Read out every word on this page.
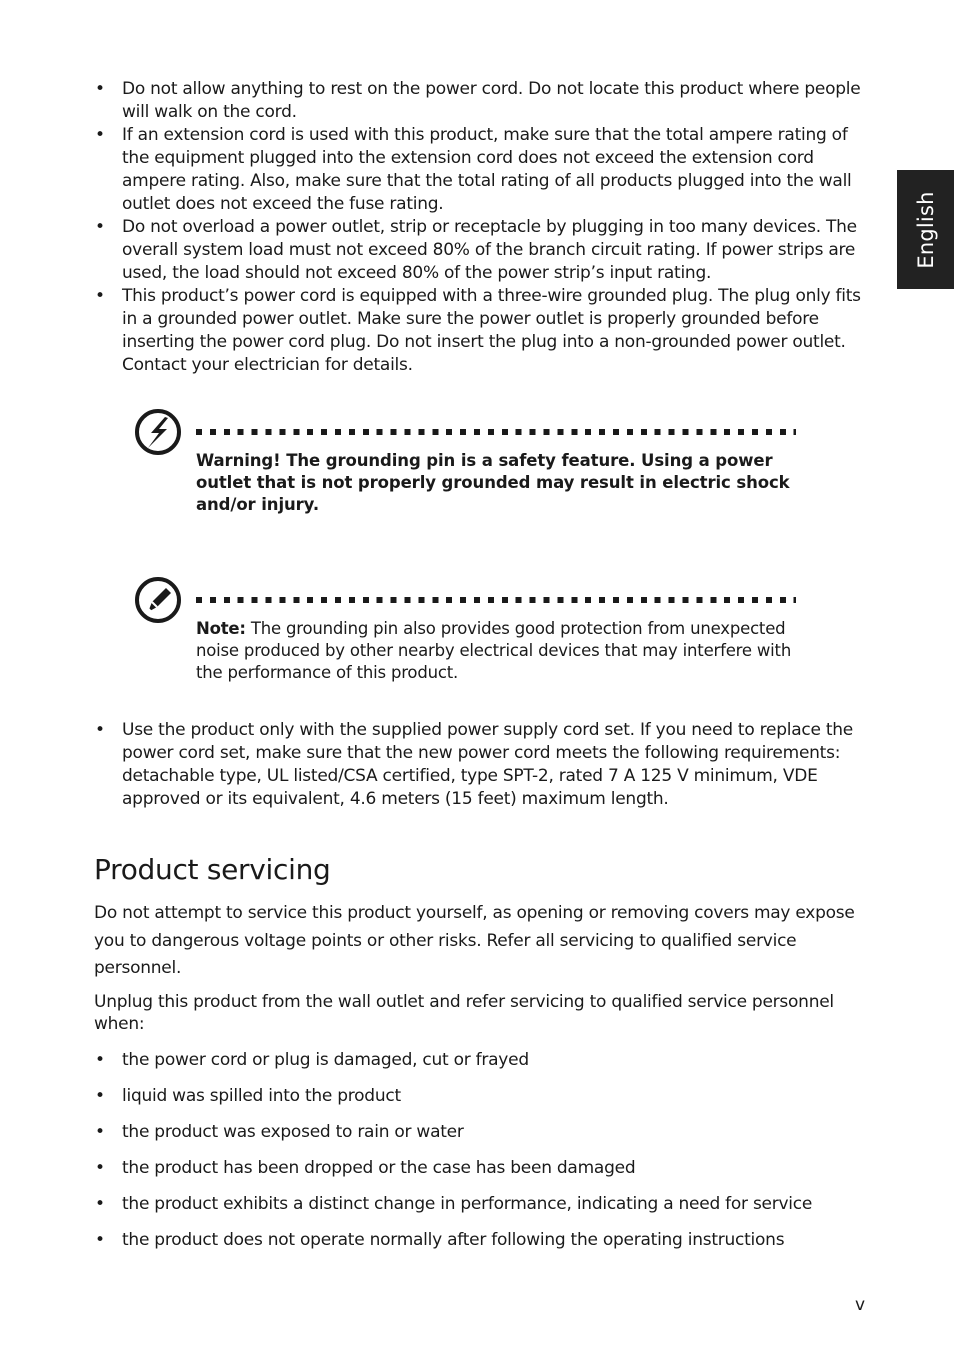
• Do not allow anything to rest on the power cord. Do not locate this product where people will walk on the cord.
• If an extension cord is used with this product, make sure that the total ampere rating of the equipment plugged into the extension cord does not exceed the extension cord ampere rating. Also, make sure that the total rating of all products plugged into the wall outlet does not exceed the fuse rating.
• Do not overload a power outlet, strip or receptacle by plugging in too many devices. The overall system load must not exceed 80% of the branch circuit rating. If power strips are used, the load should not exceed 80% of the power strip’s input rating.
• This product’s power cord is equipped with a three-wire grounded plug. The plug only fits in a grounded power outlet. Make sure the power outlet is properly grounded before inserting the power cord plug. Do not insert the plug into a non-grounded power outlet. Contact your electrician for details.
Warning! The grounding pin is a safety feature. Using a power outlet that is not properly grounded may result in electric shock and/or injury.
Note: The grounding pin also provides good protection from unexpected noise produced by other nearby electrical devices that may interfere with the performance of this product.
• Use the product only with the supplied power supply cord set. If you need to replace the power cord set, make sure that the new power cord meets the following requirements: detachable type, UL listed/CSA certified, type SPT-2, rated 7 A 125 V minimum, VDE approved or its equivalent, 4.6 meters (15 feet) maximum length.
Product servicing

Do not attempt to service this product yourself, as opening or removing covers may expose you to dangerous voltage points or other risks. Refer all servicing to qualified service personnel.

Unplug this product from the wall outlet and refer servicing to qualified service personnel when:

• the power cord or plug is damaged, cut or frayed
• liquid was spilled into the product
• the product was exposed to rain or water
• the product has been dropped or the case has been damaged
• the product exhibits a distinct change in performance, indicating a need for service
• the product does not operate normally after following the operating instructions
English
v
